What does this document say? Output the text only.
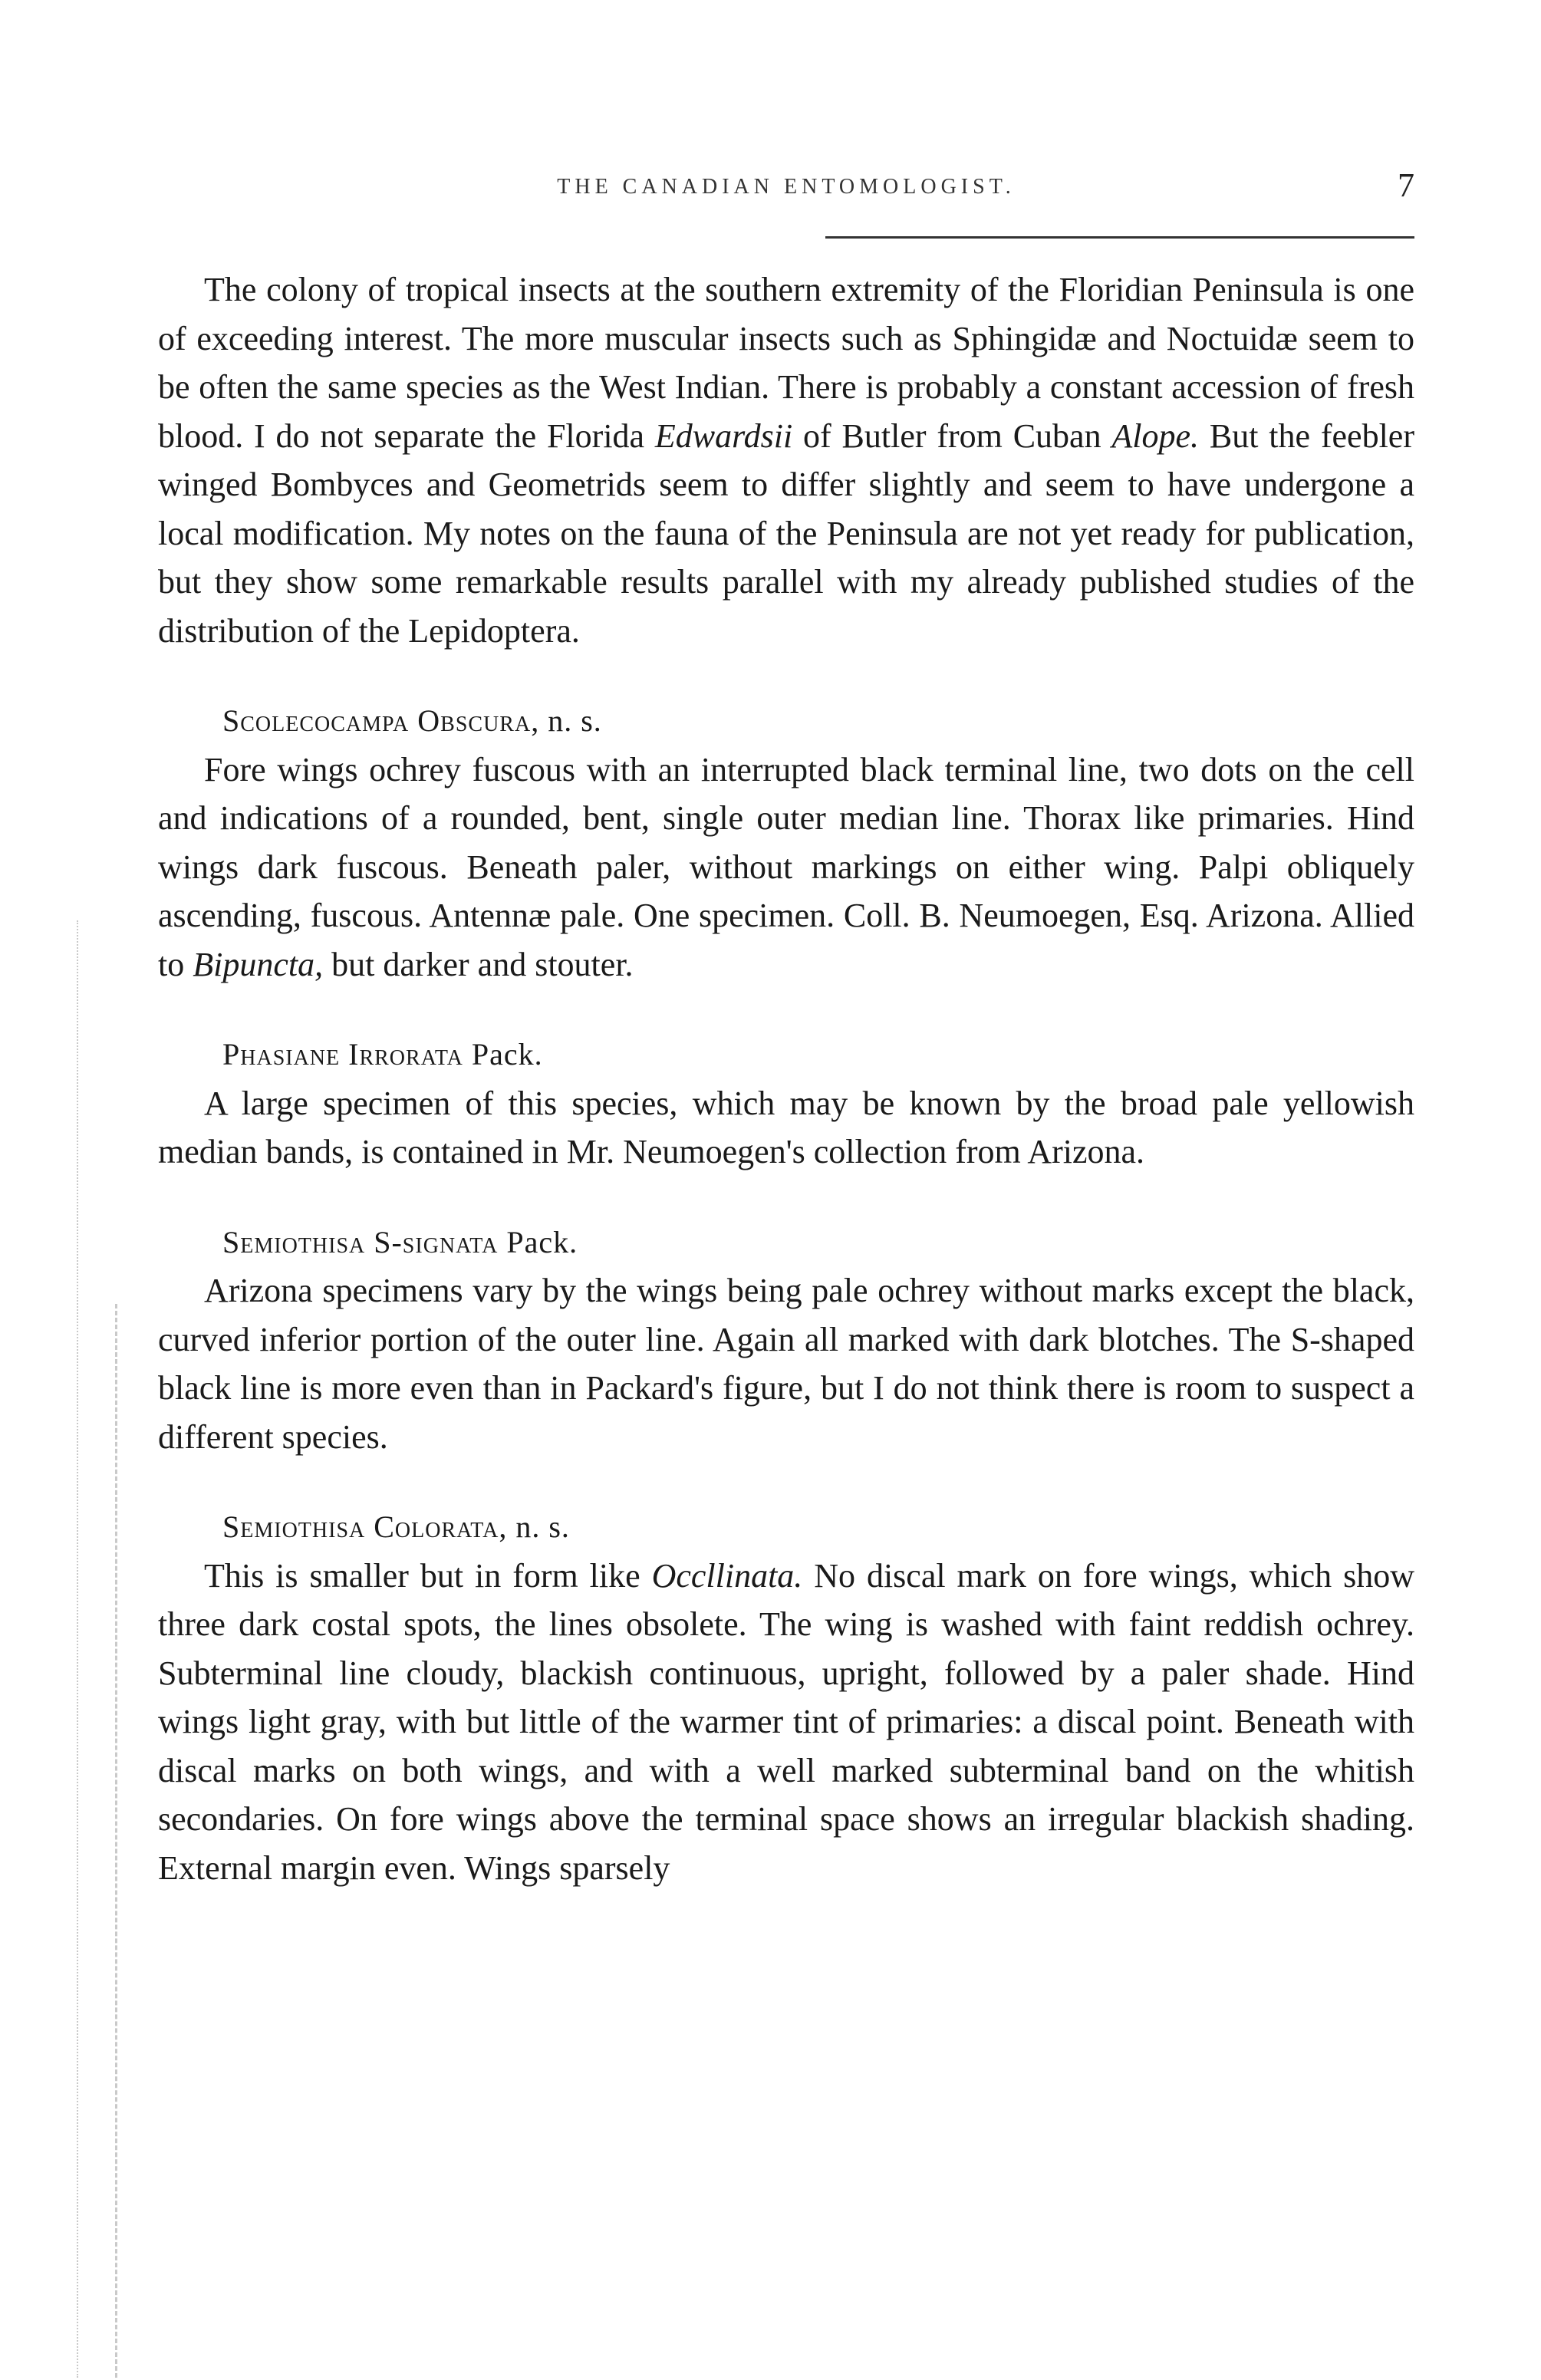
THE CANADIAN ENTOMOLOGIST.	7

The colony of tropical insects at the southern extremity of the Floridian Peninsula is one of exceeding interest. The more muscular insects such as Sphingidæ and Noctuidæ seem to be often the same species as the West Indian. There is probably a constant accession of fresh blood. I do not separate the Florida Edwardsii of Butler from Cuban Alope. But the feebler winged Bombyces and Geometrids seem to differ slightly and seem to have undergone a local modification. My notes on the fauna of the Peninsula are not yet ready for publication, but they show some remarkable results parallel with my already published studies of the distribution of the Lepidoptera.

Scolecocampa Obscura, n. s.

Fore wings ochrey fuscous with an interrupted black terminal line, two dots on the cell and indications of a rounded, bent, single outer median line. Thorax like primaries. Hind wings dark fuscous. Beneath paler, without markings on either wing. Palpi obliquely ascending, fuscous. Antennæ pale. One specimen. Coll. B. Neumoegen, Esq. Arizona. Allied to Bipuncta, but darker and stouter.

Phasiane Irrorata Pack.

A large specimen of this species, which may be known by the broad pale yellowish median bands, is contained in Mr. Neumoegen's collection from Arizona.

Semiothisa S-signata Pack.

Arizona specimens vary by the wings being pale ochrey without marks except the black, curved inferior portion of the outer line. Again all marked with dark blotches. The S-shaped black line is more even than in Packard's figure, but I do not think there is room to suspect a different species.

Semiothisa Colorata, n. s.

This is smaller but in form like Occllinata. No discal mark on fore wings, which show three dark costal spots, the lines obsolete. The wing is washed with faint reddish ochrey. Subterminal line cloudy, blackish continuous, upright, followed by a paler shade. Hind wings light gray, with but little of the warmer tint of primaries: a discal point. Beneath with discal marks on both wings, and with a well marked subterminal band on the whitish secondaries. On fore wings above the terminal space shows an irregular blackish shading. External margin even. Wings sparsely
